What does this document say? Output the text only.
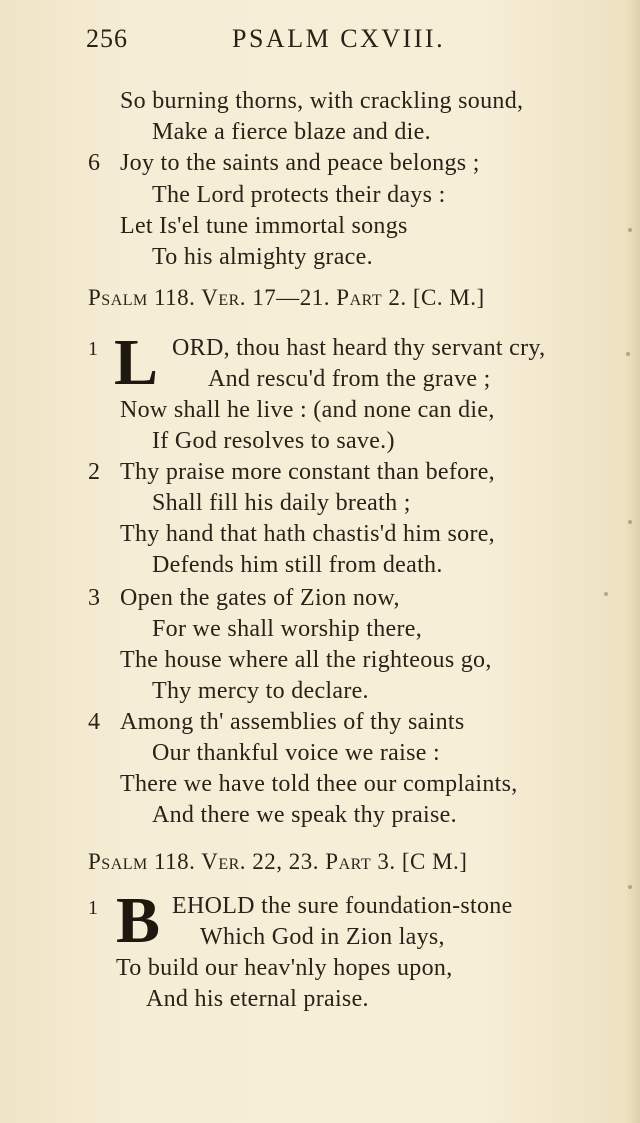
256	PSALM CXVIII.
So burning thorns, with crackling sound,
Make a fierce blaze and die.
6 Joy to the saints and peace belongs ;
The Lord protects their days :
Let Is'el tune immortal songs
To his almighty grace.
Psalm 118. Ver. 17—21. Part 2. [C. M.]
1 L ORD, thou hast heard thy servant cry,
And rescu'd from the grave ;
Now shall he live : (and none can die,
If God resolves to save.)
2 Thy praise more constant than before,
Shall fill his daily breath ;
Thy hand that hath chastis'd him sore,
Defends him still from death.
3 Open the gates of Zion now,
For we shall worship there,
The house where all the righteous go,
Thy mercy to declare.
4 Among th' assemblies of thy saints
Our thankful voice we raise :
There we have told thee our complaints,
And there we speak thy praise.
Psalm 118. Ver. 22, 23. Part 3. [C M.]
1 B EHOLD the sure foundation-stone
Which God in Zion lays,
To build our heav'nly hopes upon,
And his eternal praise.
